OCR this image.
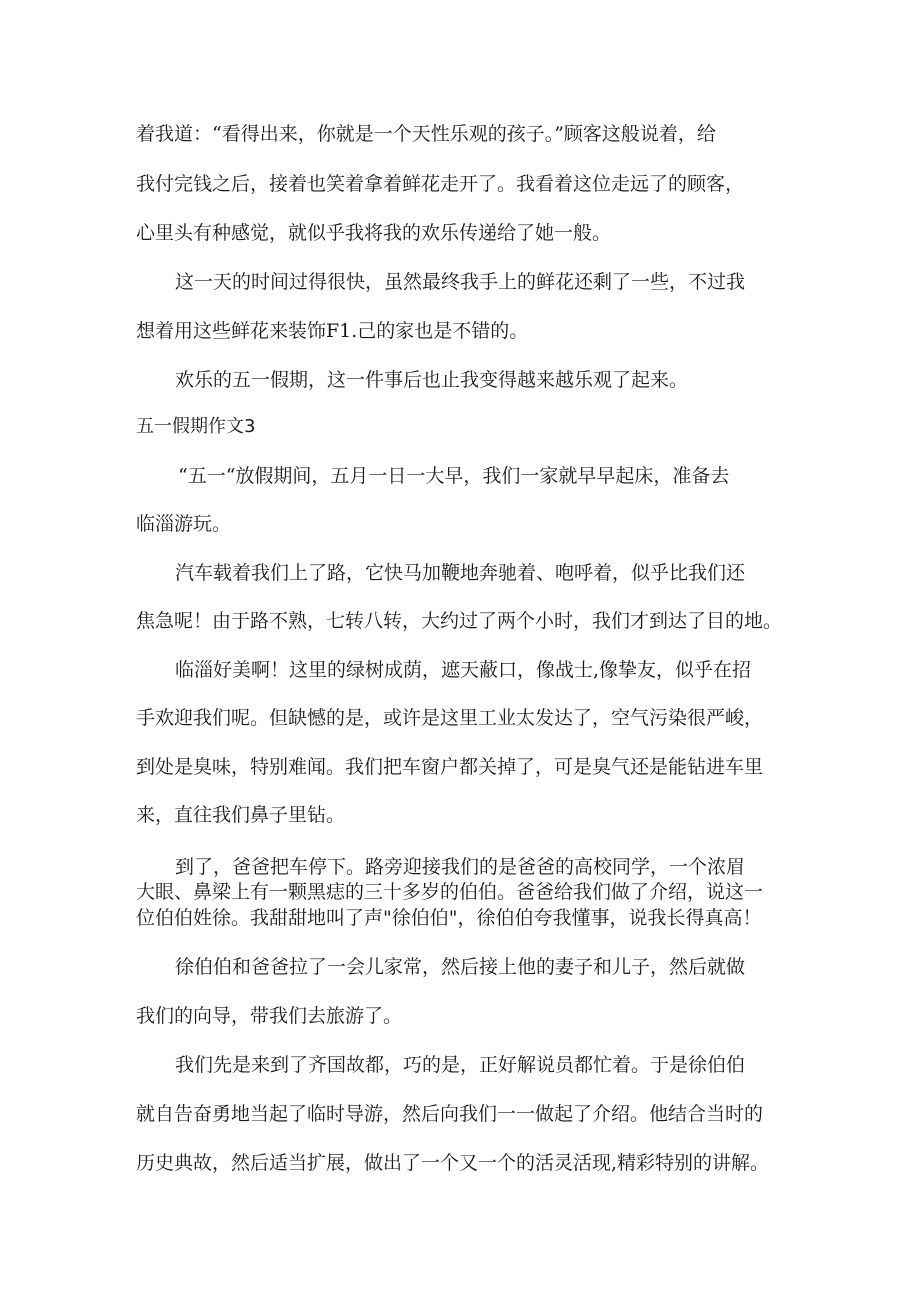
着我道：“看得出来，你就是一个天性乐观的孩子。”顾客这般说着，给

我付完钱之后，接着也笑着拿着鲜花走开了。我看着这位走远了的顾客，

心里头有种感觉，就似乎我将我的欢乐传递给了她一般。

这一天的时间过得很快，虽然最终我手上的鲜花还剩了一些，不过我

想着用这些鲜花来装饰F1.己的家也是不错的。

欢乐的五一假期，这一件事后也止我变得越来越乐观了起来。

五一假期作文3

“五一“放假期间，五月一日一大早，我们一家就早早起床，准备去

临淄游玩。

汽车载着我们上了路，它快马加鞭地奔驰着、咆呼着，似乎比我们还

焦急呢！由于路不熟，七转八转，大约过了两个小时，我们才到达了目的地。

临淄好美啊！这里的绿树成荫，遮天蔽口，像战士,像挚友，似乎在招

手欢迎我们呢。但缺憾的是，或许是这里工业太发达了，空气污染很严峻，

到处是臭味，特别难闻。我们把车窗户都关掉了，可是臭气还是能钻进车里

来，直往我们鼻子里钻。

到了，爸爸把车停下。路旁迎接我们的是爸爸的高校同学，一个浓眉

大眼、鼻梁上有一颗黑痣的三十多岁的伯伯。爸爸给我们做了介绍，说这一

位伯伯姓徐。我甜甜地叫了声"徐伯伯"，徐伯伯夸我懂事，说我长得真高！

徐伯伯和爸爸拉了一会儿家常，然后接上他的妻子和儿子，然后就做

我们的向导，带我们去旅游了。

我们先是来到了齐国故都，巧的是，正好解说员都忙着。于是徐伯伯

就自告奋勇地当起了临时导游，然后向我们一一做起了介绍。他结合当时的

历史典故，然后适当扩展，做出了一个又一个的活灵活现,精彩特别的讲解。
